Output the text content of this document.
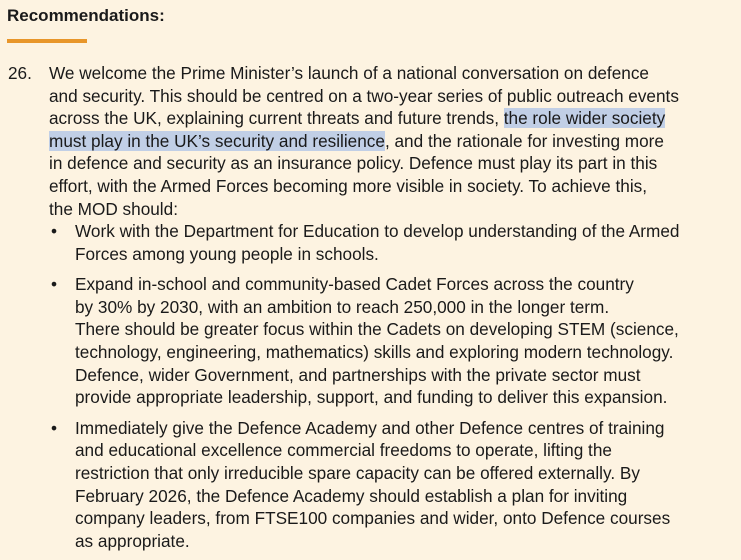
Recommendations:
26. We welcome the Prime Minister’s launch of a national conversation on defence
and security. This should be centred on a two-year series of public outreach events
across the UK, explaining current threats and future trends, the role wider society
must play in the UK’s security and resilience, and the rationale for investing more
in defence and security as an insurance policy. Defence must play its part in this
effort, with the Armed Forces becoming more visible in society. To achieve this,
the MOD should:
• Work with the Department for Education to develop understanding of the Armed
Forces among young people in schools.
• Expand in-school and community-based Cadet Forces across the country
by 30% by 2030, with an ambition to reach 250,000 in the longer term.
There should be greater focus within the Cadets on developing STEM (science,
technology, engineering, mathematics) skills and exploring modern technology.
Defence, wider Government, and partnerships with the private sector must
provide appropriate leadership, support, and funding to deliver this expansion.
• Immediately give the Defence Academy and other Defence centres of training
and educational excellence commercial freedoms to operate, lifting the
restriction that only irreducible spare capacity can be offered externally. By
February 2026, the Defence Academy should establish a plan for inviting
company leaders, from FTSE100 companies and wider, onto Defence courses
as appropriate.
